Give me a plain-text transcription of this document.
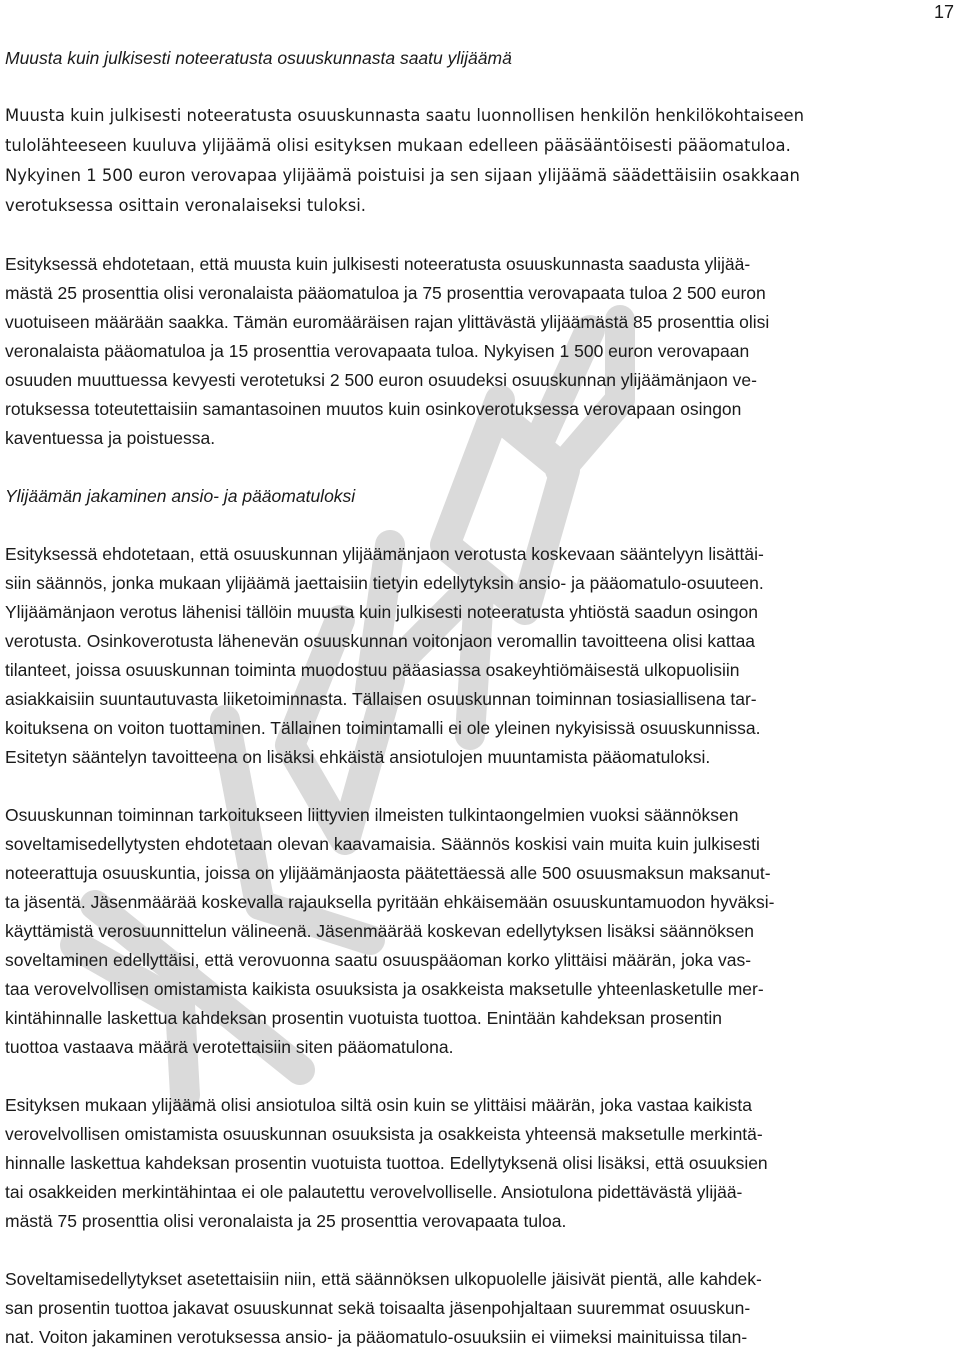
17
Muusta kuin julkisesti noteeratusta osuuskunnasta saatu ylijäämä
Muusta kuin julkisesti noteeratusta osuuskunnasta saatu luonnollisen henkilön henkilökohtaiseen
tulolähteeseen kuuluva ylijäämä olisi esityksen mukaan edelleen pääsääntöisesti pääomatuloa.
Nykyinen 1 500 euron verovapaa ylijäämä poistuisi ja sen sijaan ylijäämä säädettäisiin osakkaan
verotuksessa osittain veronalaiseksi tuloksi.
Esityksessä ehdotetaan, että muusta kuin julkisesti noteeratusta osuuskunnasta saadusta ylijää-
mästä 25 prosenttia olisi veronalaista pääomatuloa ja 75 prosenttia verovapaata tuloa 2 500 euron
vuotuiseen määrään saakka. Tämän euromääräisen rajan ylittävästä ylijäämästä 85 prosenttia olisi
veronalaista pääomatuloa ja 15 prosenttia verovapaata tuloa. Nykyisen 1 500 euron verovapaan
osuuden muuttuessa kevyesti verotetuksi 2 500 euron osuudeksi osuuskunnan ylijäämänjaon ve-
rotuksessa toteutettaisiin samantasoinen muutos kuin osinkoverotuksessa verovapaan osingon
kaventuessa ja poistuessa.
Ylijäämän jakaminen ansio- ja pääomatuloksi
Esityksessä ehdotetaan, että osuuskunnan ylijäämänjaon verotusta koskevaan sääntelyyn lisättäi-
siin säännös, jonka mukaan ylijäämä jaettaisiin tietyin edellytyksin ansio- ja pääomatulo-osuuteen.
Ylijäämänjaon verotus lähenisi tällöin muusta kuin julkisesti noteeratusta yhtiöstä saadun osingon
verotusta. Osinkoverotusta lähenevän osuuskunnan voitonjaon veromallin tavoitteena olisi kattaa
tilanteet, joissa osuuskunnan toiminta muodostuu pääasiassa osakeyhtiömäisestä ulkopuolisiin
asiakkaisiin suuntautuvasta liiketoiminnasta. Tällaisen osuuskunnan toiminnan tosiasiallisena tar-
koituksena on voiton tuottaminen. Tällainen toimintamalli ei ole yleinen nykyisissä osuuskunnissa.
Esitetyn sääntelyn tavoitteena on lisäksi ehkäistä ansiotulojen muuntamista pääomatuloksi.
Osuuskunnan toiminnan tarkoitukseen liittyvien ilmeisten tulkintaongelmien vuoksi säännöksen
soveltamisedellytysten ehdotetaan olevan kaavamaisia. Säännös koskisi vain muita kuin julkisesti
noteerattuja osuuskuntia, joissa on ylijäämänjaosta päätettäessä alle 500 osuusmaksun maksanut-
ta jäsentä. Jäsenmäärää koskevalla rajauksella pyritään ehkäisemään osuuskuntamuodon hyväksi-
käyttämistä verosuunnittelun välineenä. Jäsenmäärää koskevan edellytyksen lisäksi säännöksen
soveltaminen edellyttäisi, että verovuonna saatu osuuspääoman korko ylittäisi määrän, joka vas-
taa verovelvollisen omistamista kaikista osuuksista ja osakkeista maksetulle yhteenlasketulle mer-
kintähinnalle laskettua kahdeksan prosentin vuotuista tuottoa. Enintään kahdeksan prosentin
tuottoa vastaava määrä verotettaisiin siten pääomatulona.
Esityksen mukaan ylijäämä olisi ansiotuloa siltä osin kuin se ylittäisi määrän, joka vastaa kaikista
verovelvollisen omistamista osuuskunnan osuuksista ja osakkeista yhteensä maksetulle merkintä-
hinnalle laskettua kahdeksan prosentin vuotuista tuottoa. Edellytyksenä olisi lisäksi, että osuuksien
tai osakkeiden merkintähintaa ei ole palautettu verovelvolliselle. Ansiotulona pidettävästä ylijää-
mästä 75 prosenttia olisi veronalaista ja 25 prosenttia verovapaata tuloa.
Soveltamisedellytykset asetettaisiin niin, että säännöksen ulkopuolelle jäisivät pientä, alle kahdek-
san prosentin tuottoa jakavat osuuskunnat sekä toisaalta jäsenpohjaltaan suuremmat osuuskun-
nat. Voiton jakaminen verotuksessa ansio- ja pääomatulo-osuuksiin ei viimeksi mainituissa tilan-
